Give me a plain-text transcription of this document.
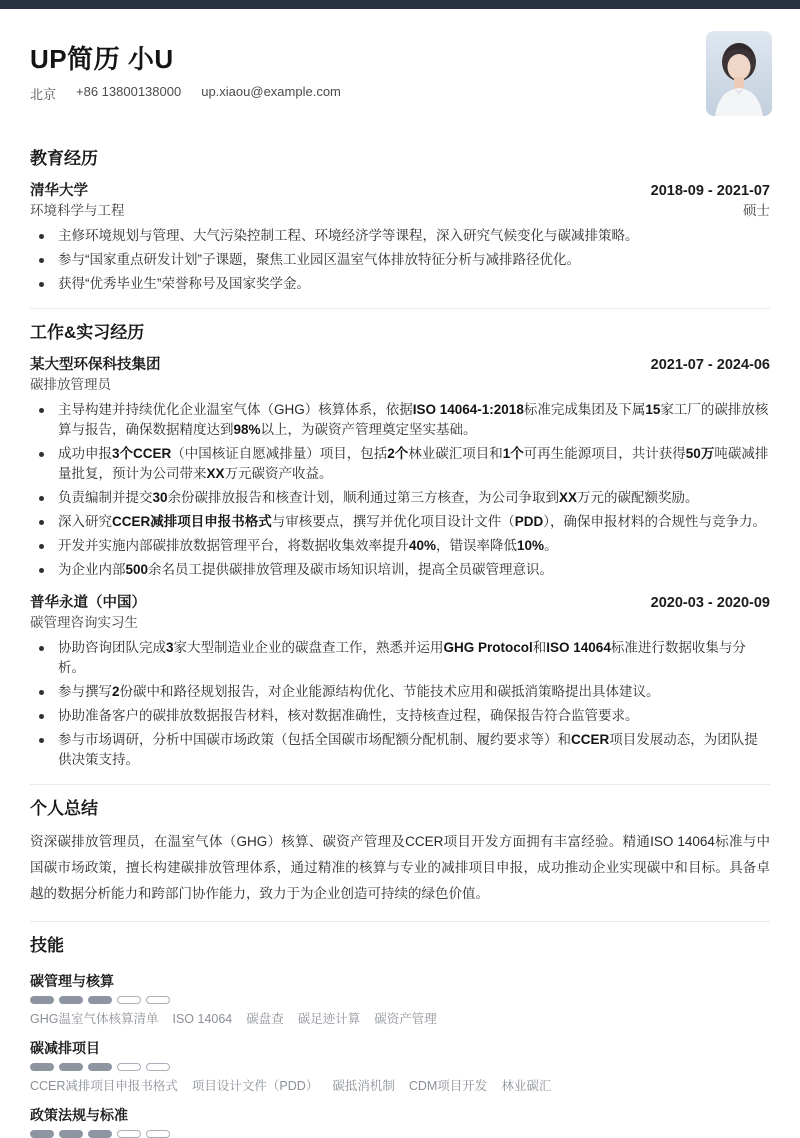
UP简历 小U
北京 +86 13800138000 up.xiaou@example.com
教育经历
清华大学	2018-09 - 2021-07
环境科学与工程	硕士
主修环境规划与管理、大气污染控制工程、环境经济学等课程，深入研究气候变化与碳减排策略。
参与“国家重点研发计划”子课题，聚焦工业园区温室气体排放特征分析与减排路径优化。
获得“优秀毕业生”荣誉称号及国家奖学金。
工作&实习经历
某大型环保科技集团	2021-07 - 2024-06
碳排放管理员
主导构建并持续优化企业温室气体（GHG）核算体系，依据ISO 14064-1:2018标准完成集团及下属15家工厂的碳排放核算与报告，确保数据精度达到98%以上，为碳资产管理奠定坚实基础。
成功申报3个CCER（中国核证自愿减排量）项目，包括2个林业碳汇项目和1个可再生能源项目，共计获得50万吨碳减排量批复，预计为公司带来XX万元碳资产收益。
负责编制并提交30余份碳排放报告和核查计划，顺利通过第三方核查，为公司争取到XX万元的碳配额奖励。
深入研究CCER减排项目申报书格式与审核要点，撰写并优化项目设计文件（PDD），确保申报材料的合规性与竞争力。
开发并实施内部碳排放数据管理平台，将数据收集效率提升40%，错误率降低10%。
为企业内部500余名员工提供碳排放管理及碳市场知识培训，提高全员碳管理意识。
普华永道（中国）	2020-03 - 2020-09
碳管理咨询实习生
协助咨询团队完成3家大型制造业企业的碳盘查工作，熟悉并运用GHG Protocol和ISO 14064标准进行数据收集与分析。
参与撰写2份碳中和路径规划报告，对企业能源结构优化、节能技术应用和碳抵消策略提出具体建议。
协助准备客户的碳排放数据报告材料，核对数据准确性，支持核查过程，确保报告符合监管要求。
参与市场调研，分析中国碳市场政策（包括全国碳市场配额分配机制、履约要求等）和CCER项目发展动态，为团队提供决策支持。
个人总结

资深碳排放管理员，在温室气体（GHG）核算、碳资产管理及CCER项目开发方面拥有丰富经验。精通ISO 14064标准与中国碳市场政策，擅长构建碳排放管理体系，通过精准的核算与专业的减排项目申报，成功推动企业实现碳中和目标。具备卓越的数据分析能力和跨部门协作能力，致力于为企业创造可持续的绿色价值。

技能
碳管理与核算
GHG温室气体核算清单 ISO 14064 碳盘查 碳足迹计算 碳资产管理
碳减排项目
CCER减排项目申报书格式 项目设计文件（PDD） 碳抵消机制 CDM项目开发 林业碳汇
政策法规与标准
